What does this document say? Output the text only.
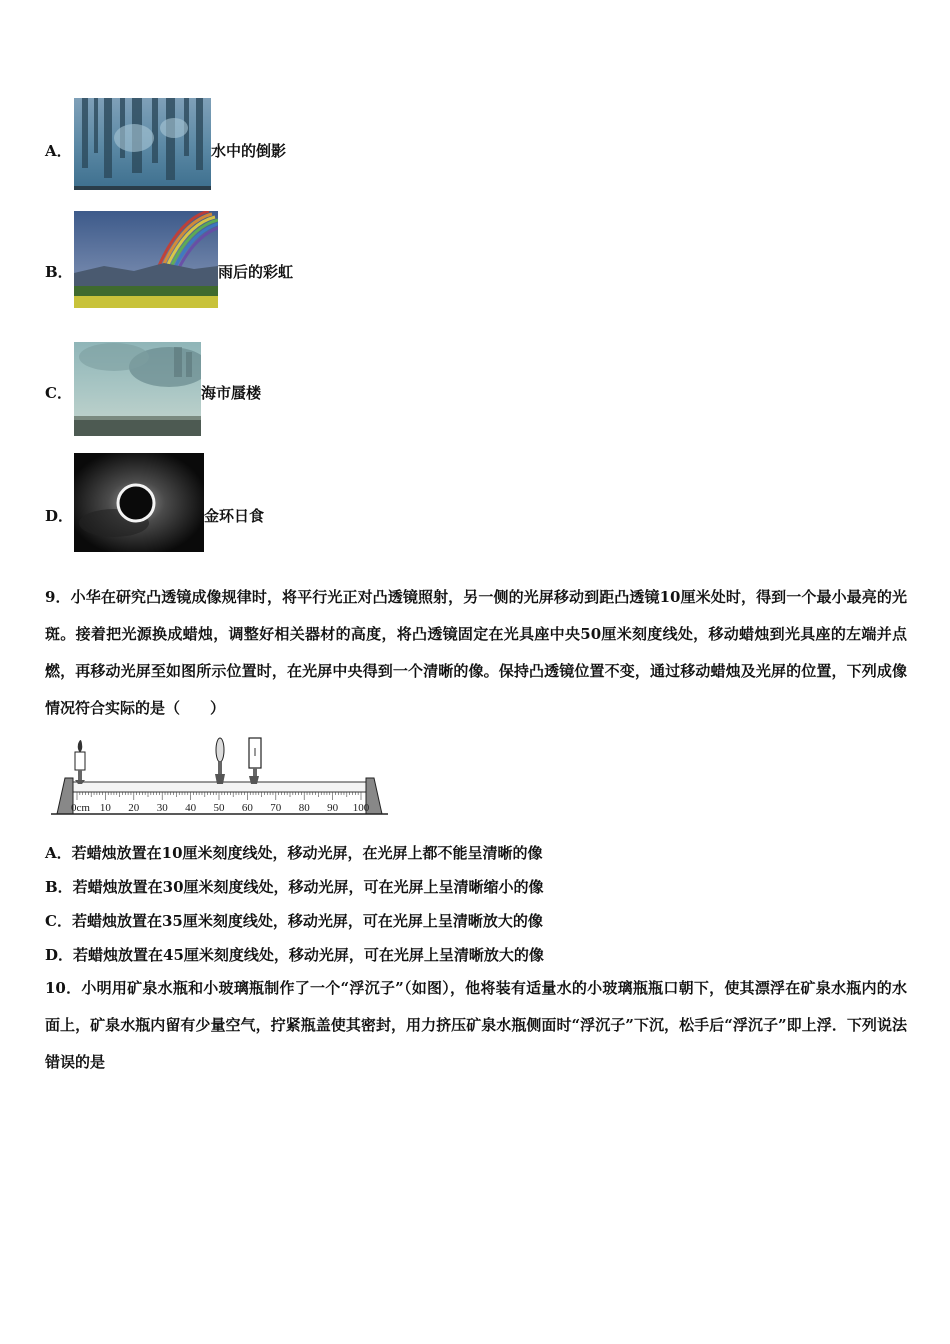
A．	水中的倒影
B．	雨后的彩虹
C．	海市蜃楼
D．	金环日食
9．小华在研究凸透镜成像规律时，将平行光正对凸透镜照射，另一侧的光屏移动到距凸透镜10厘米处时，得到一个最小最亮的光斑。接着把光源换成蜡烛，调整好相关器材的高度，将凸透镜固定在光具座中央50厘米刻度线处，移动蜡烛到光具座的左端并点燃，再移动光屏至如图所示位置时，在光屏中央得到一个清晰的像。保持凸透镜位置不变，通过移动蜡烛及光屏的位置，下列成像情况符合实际的是（　　）
0cm 10 20 30 40 50 60 70 80 90 100
A．若蜡烛放置在10厘米刻度线处，移动光屏，在光屏上都不能呈清晰的像
B．若蜡烛放置在30厘米刻度线处，移动光屏，可在光屏上呈清晰缩小的像
C．若蜡烛放置在35厘米刻度线处，移动光屏，可在光屏上呈清晰放大的像
D．若蜡烛放置在45厘米刻度线处，移动光屏，可在光屏上呈清晰放大的像
10．小明用矿泉水瓶和小玻璃瓶制作了一个“浮沉子”（如图），他将装有适量水的小玻璃瓶瓶口朝下，使其漂浮在矿泉水瓶内的水面上，矿泉水瓶内留有少量空气，拧紧瓶盖使其密封，用力挤压矿泉水瓶侧面时“浮沉子”下沉，松手后“浮沉子”即上浮．下列说法错误的是
